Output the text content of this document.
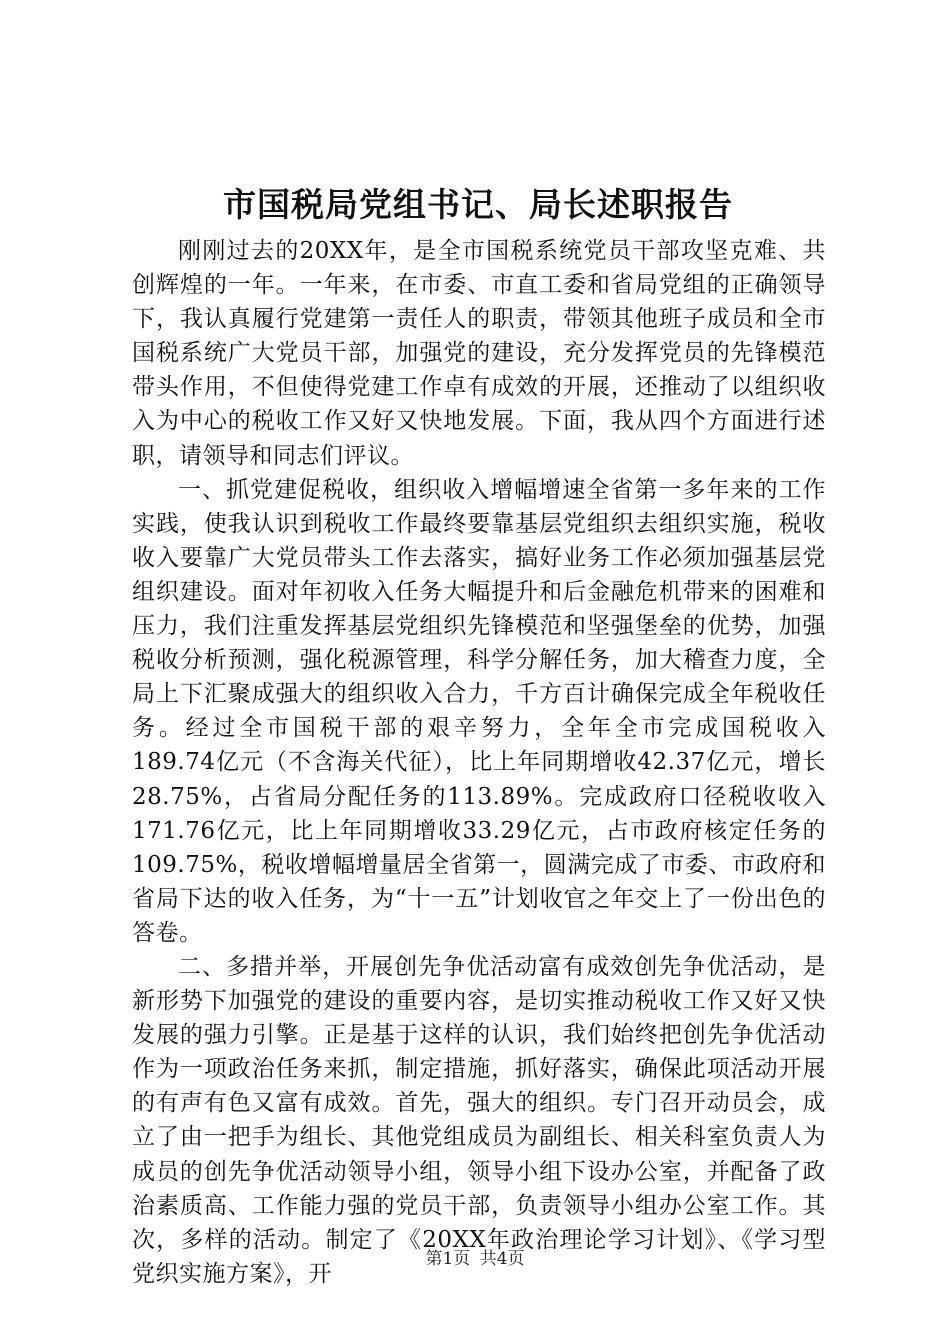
市国税局党组书记、局长述职报告

刚刚过去的20XX年，是全市国税系统党员干部攻坚克难、共创辉煌的一年。一年来，在市委、市直工委和省局党组的正确领导下，我认真履行党建第一责任人的职责，带领其他班子成员和全市国税系统广大党员干部，加强党的建设，充分发挥党员的先锋模范带头作用，不但使得党建工作卓有成效的开展，还推动了以组织收入为中心的税收工作又好又快地发展。下面，我从四个方面进行述职，请领导和同志们评议。

一、抓党建促税收，组织收入增幅增速全省第一多年来的工作实践，使我认识到税收工作最终要靠基层党组织去组织实施，税收收入要靠广大党员带头工作去落实，搞好业务工作必须加强基层党组织建设。面对年初收入任务大幅提升和后金融危机带来的困难和压力，我们注重发挥基层党组织先锋模范和坚强堡垒的优势，加强税收分析预测，强化税源管理，科学分解任务，加大稽查力度，全局上下汇聚成强大的组织收入合力，千方百计确保完成全年税收任务。经过全市国税干部的艰辛努力，全年全市完成国税收入189.74亿元（不含海关代征），比上年同期增收42.37亿元，增长28.75%，占省局分配任务的113.89%。完成政府口径税收收入171.76亿元，比上年同期增收33.29亿元，占市政府核定任务的109.75%，税收增幅增量居全省第一，圆满完成了市委、市政府和省局下达的收入任务，为“十一五”计划收官之年交上了一份出色的答卷。

二、多措并举，开展创先争优活动富有成效创先争优活动，是新形势下加强党的建设的重要内容，是切实推动税收工作又好又快发展的强力引擎。正是基于这样的认识，我们始终把创先争优活动作为一项政治任务来抓，制定措施，抓好落实，确保此项活动开展的有声有色又富有成效。首先，强大的组织。专门召开动员会，成立了由一把手为组长、其他党组成员为副组长、相关科室负责人为成员的创先争优活动领导小组，领导小组下设办公室，并配备了政治素质高、工作能力强的党员干部，负责领导小组办公室工作。其次，多样的活动。制定了《20XX年政治理论学习计划》、《学习型党织实施方案》，开

第1页 共4页
